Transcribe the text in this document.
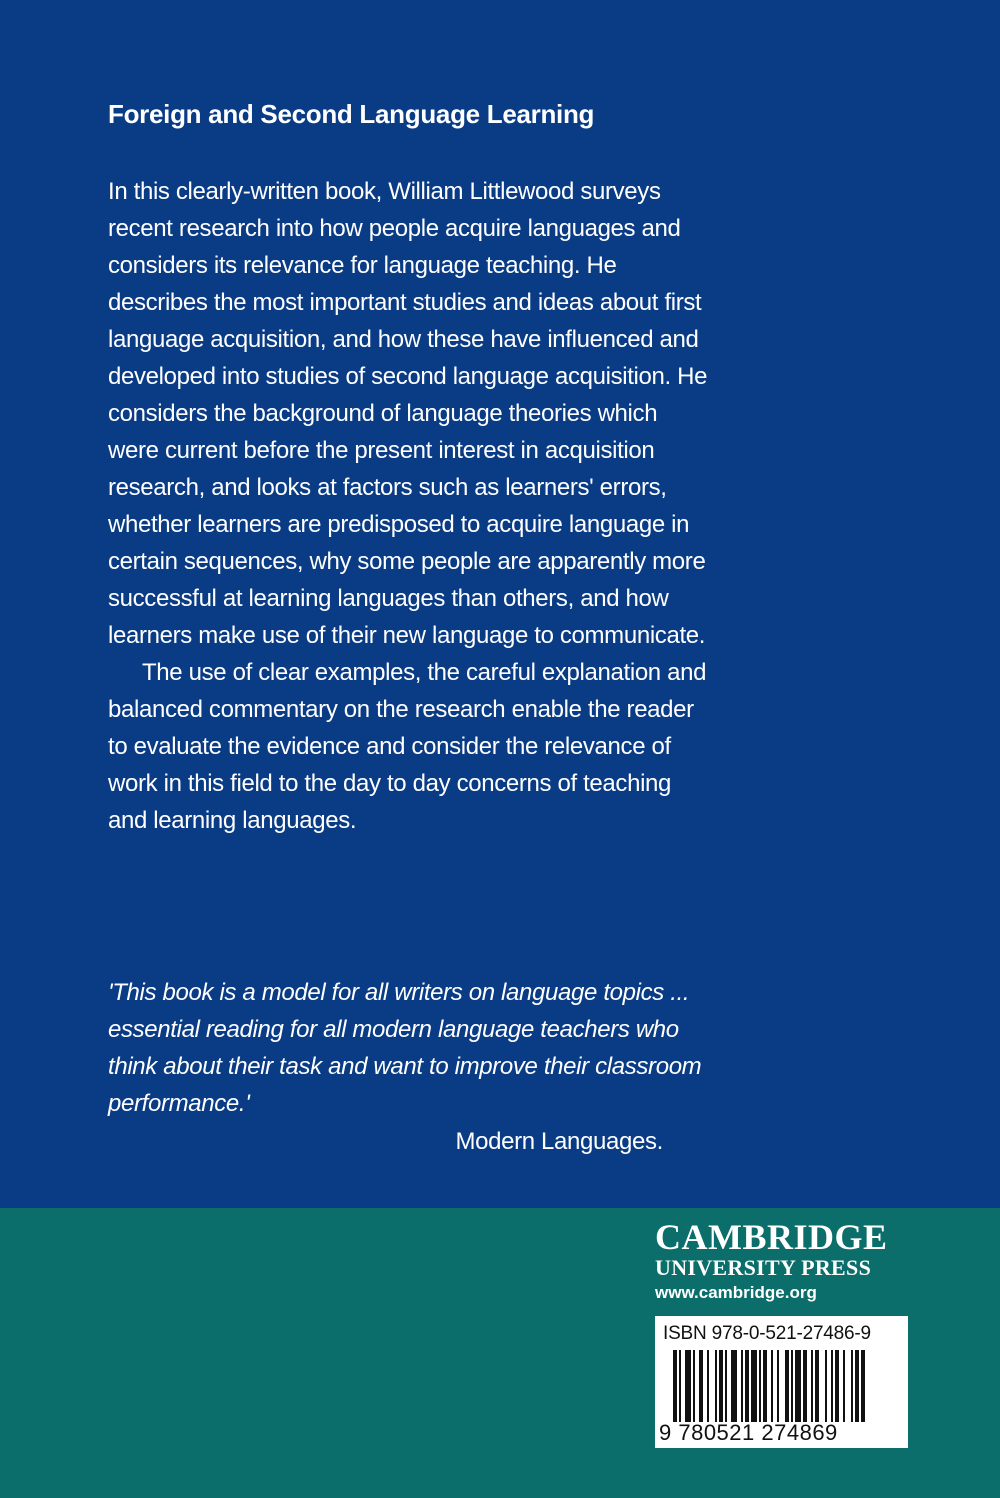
Foreign and Second Language Learning

In this clearly-written book, William Littlewood surveys recent research into how people acquire languages and considers its relevance for language teaching. He describes the most important studies and ideas about first language acquisition, and how these have influenced and developed into studies of second language acquisition. He considers the background of language theories which were current before the present interest in acquisition research, and looks at factors such as learners' errors, whether learners are predisposed to acquire language in certain sequences, why some people are apparently more successful at learning languages than others, and how learners make use of their new language to communicate.

The use of clear examples, the careful explanation and balanced commentary on the research enable the reader to evaluate the evidence and consider the relevance of work in this field to the day to day concerns of teaching and learning languages.

'This book is a model for all writers on language topics ... essential reading for all modern language teachers who think about their task and want to improve their classroom performance.'

Modern Languages.
CAMBRIDGE
UNIVERSITY PRESS
www.cambridge.org
ISBN 978-0-521-27486-9
9 780521 274869
